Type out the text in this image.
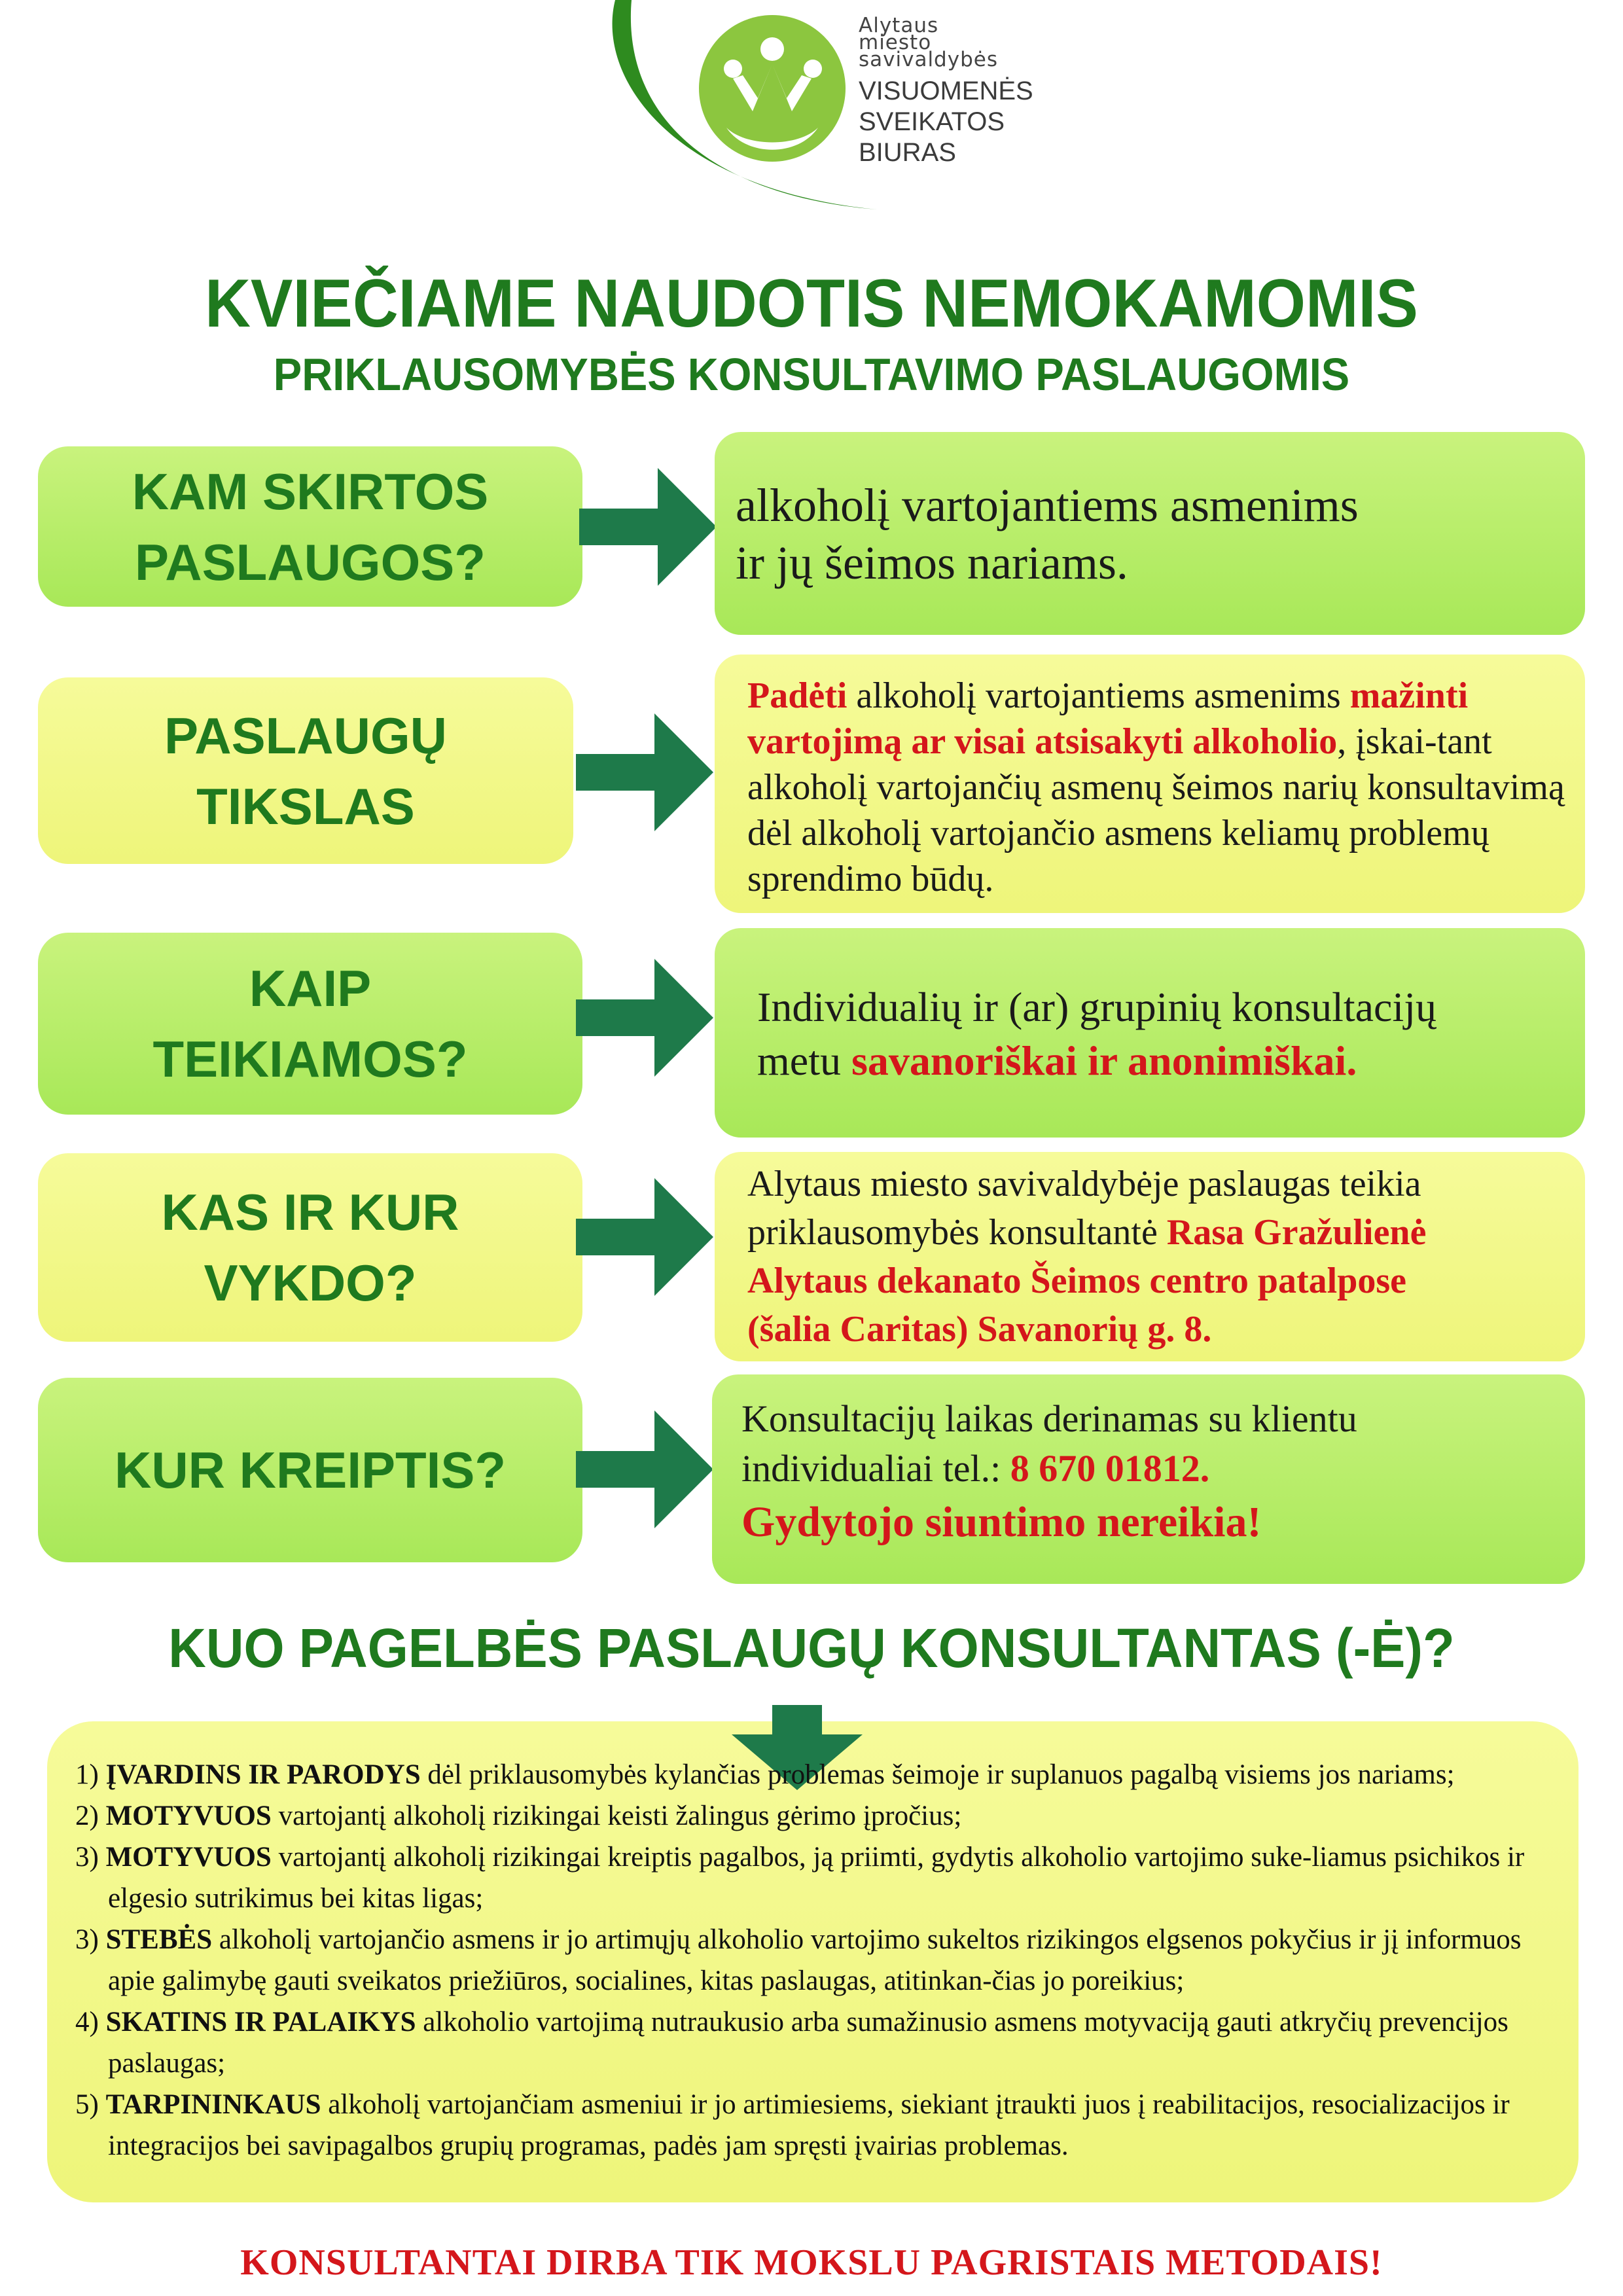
Alytaus
miesto
savivaldybės
VISUOMENĖS
SVEIKATOS
BIURAS
KVIEČIAME NAUDOTIS NEMOKAMOMIS
PRIKLAUSOMYBĖS KONSULTAVIMO PASLAUGOMIS
KAM SKIRTOS
PASLAUGOS?
alkoholį vartojantiems asmenims
ir jų šeimos nariams.
PASLAUGŲ
TIKSLAS
Padėti alkoholį vartojantiems asmenims mažinti vartojimą ar visai atsisakyti alkoholio, įskai-tant alkoholį vartojančių asmenų šeimos narių konsultavimą dėl alkoholį vartojančio asmens keliamų problemų sprendimo būdų.
KAIP
TEIKIAMOS?
Individualių ir (ar) grupinių konsultacijų
metu savanoriškai ir anonimiškai.
KAS IR KUR
VYKDO?
Alytaus miesto savivaldybėje paslaugas teikia
priklausomybės konsultantė Rasa Gražulienė
Alytaus dekanato Šeimos centro patalpose
(šalia Caritas) Savanorių g. 8.
KUR KREIPTIS?
Konsultacijų laikas derinamas su klientu
individualiai tel.: 8 670 01812.
Gydytojo siuntimo nereikia!
KUO PAGELBĖS PASLAUGŲ KONSULTANTAS (-Ė)?
1) ĮVARDINS IR PARODYS dėl priklausomybės kylančias problemas šeimoje ir suplanuos pagalbą visiems jos nariams;
2) MOTYVUOS vartojantį alkoholį rizikingai keisti žalingus gėrimo įpročius;
3) MOTYVUOS vartojantį alkoholį rizikingai kreiptis pagalbos, ją priimti, gydytis alkoholio vartojimo suke-liamus psichikos ir elgesio sutrikimus bei kitas ligas;
3) STEBĖS alkoholį vartojančio asmens ir jo artimųjų alkoholio vartojimo sukeltos rizikingos elgsenos pokyčius ir jį informuos apie galimybę gauti sveikatos priežiūros, socialines, kitas paslaugas, atitinkan-čias jo poreikius;
4) SKATINS IR PALAIKYS alkoholio vartojimą nutraukusio arba sumažinusio asmens motyvaciją gauti atkryčių prevencijos paslaugas;
5) TARPININKAUS alkoholį vartojančiam asmeniui ir jo artimiesiems, siekiant įtraukti juos į reabilitacijos, resocializacijos ir integracijos bei savipagalbos grupių programas, padės jam spręsti įvairias problemas.
KONSULTANTAI DIRBA TIK MOKSLU PAGRISTAIS METODAIS!
